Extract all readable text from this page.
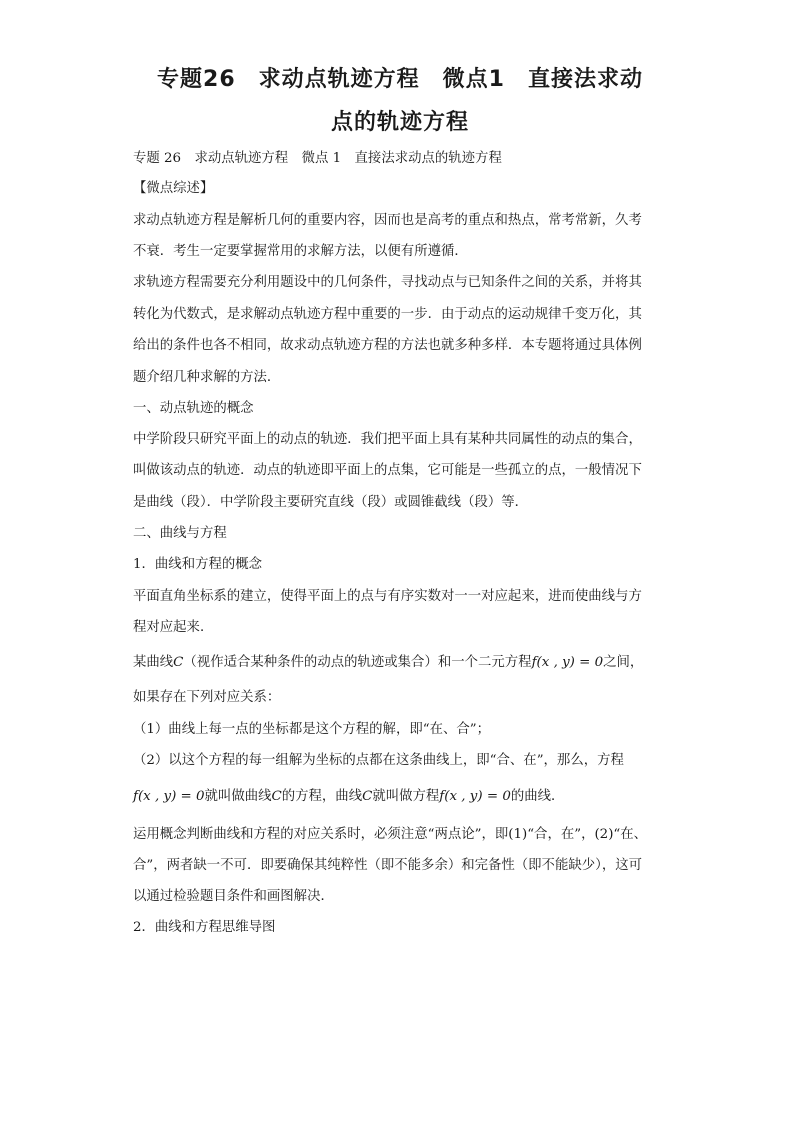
专题26　求动点轨迹方程　微点1　直接法求动
点的轨迹方程

专题 26　求动点轨迹方程　微点 1　直接法求动点的轨迹方程

【微点综述】

求动点轨迹方程是解析几何的重要内容，因而也是高考的重点和热点，常考常新，久考

不衰．考生一定要掌握常用的求解方法，以便有所遵循．

求轨迹方程需要充分利用题设中的几何条件，寻找动点与已知条件之间的关系，并将其

转化为代数式，是求解动点轨迹方程中重要的一步．由于动点的运动规律千变万化，其

给出的条件也各不相同，故求动点轨迹方程的方法也就多种多样．本专题将通过具体例

题介绍几种求解的方法．

一、动点轨迹的概念

中学阶段只研究平面上的动点的轨迹．我们把平面上具有某种共同属性的动点的集合，

叫做该动点的轨迹．动点的轨迹即平面上的点集，它可能是一些孤立的点，一般情况下

是曲线（段）．中学阶段主要研究直线（段）或圆锥截线（段）等．

二、曲线与方程

1．曲线和方程的概念

平面直角坐标系的建立，使得平面上的点与有序实数对一一对应起来，进而使曲线与方

程对应起来．

某曲线C（视作适合某种条件的动点的轨迹或集合）和一个二元方程f(x , y) = 0之间，

如果存在下列对应关系：

（1）曲线上每一点的坐标都是这个方程的解，即“在、合”；

（2）以这个方程的每一组解为坐标的点都在这条曲线上，即“合、在”，那么，方程

f(x , y) = 0就叫做曲线C的方程，曲线C就叫做方程f(x , y) = 0的曲线．

运用概念判断曲线和方程的对应关系时，必须注意“两点论”，即(1)“合，在”，(2)“在、

合”，两者缺一不可．即要确保其纯粹性（即不能多余）和完备性（即不能缺少），这可

以通过检验题目条件和画图解决．

2．曲线和方程思维导图
